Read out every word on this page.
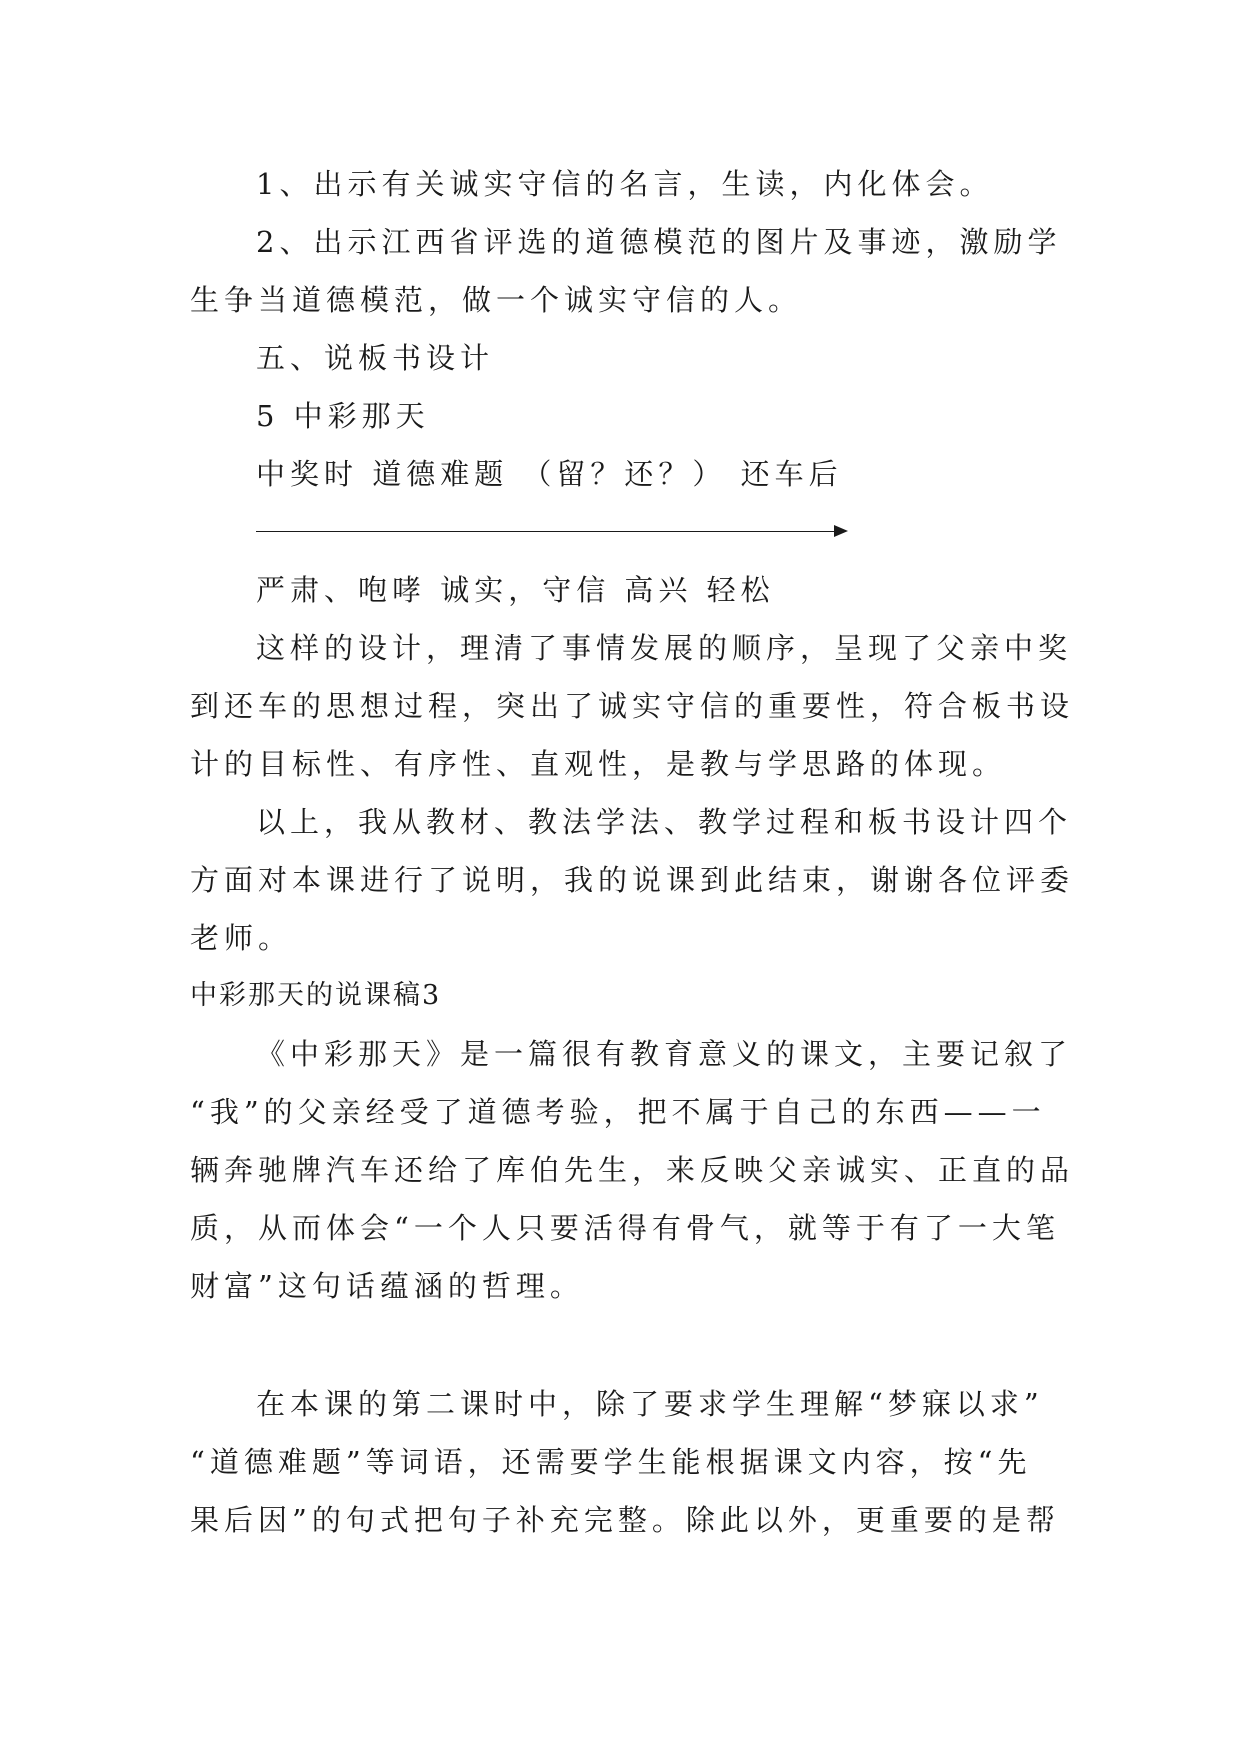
1、出示有关诚实守信的名言，生读，内化体会。
2、出示江西省评选的道德模范的图片及事迹，激励学
生争当道德模范，做一个诚实守信的人。
五、说板书设计
5 中彩那天
中奖时 道德难题 （留？还？） 还车后
严肃、咆哮 诚实，守信 高兴 轻松
这样的设计，理清了事情发展的顺序，呈现了父亲中奖
到还车的思想过程，突出了诚实守信的重要性，符合板书设
计的目标性、有序性、直观性，是教与学思路的体现。
以上，我从教材、教法学法、教学过程和板书设计四个
方面对本课进行了说明，我的说课到此结束，谢谢各位评委
老师。
中彩那天的说课稿3
《中彩那天》是一篇很有教育意义的课文，主要记叙了
“我”的父亲经受了道德考验，把不属于自己的东西——一
辆奔驰牌汽车还给了库伯先生，来反映父亲诚实、正直的品
质，从而体会“一个人只要活得有骨气，就等于有了一大笔
财富”这句话蕴涵的哲理。
在本课的第二课时中，除了要求学生理解“梦寐以求”
“道德难题”等词语，还需要学生能根据课文内容，按“先
果后因”的句式把句子补充完整。除此以外，更重要的是帮
